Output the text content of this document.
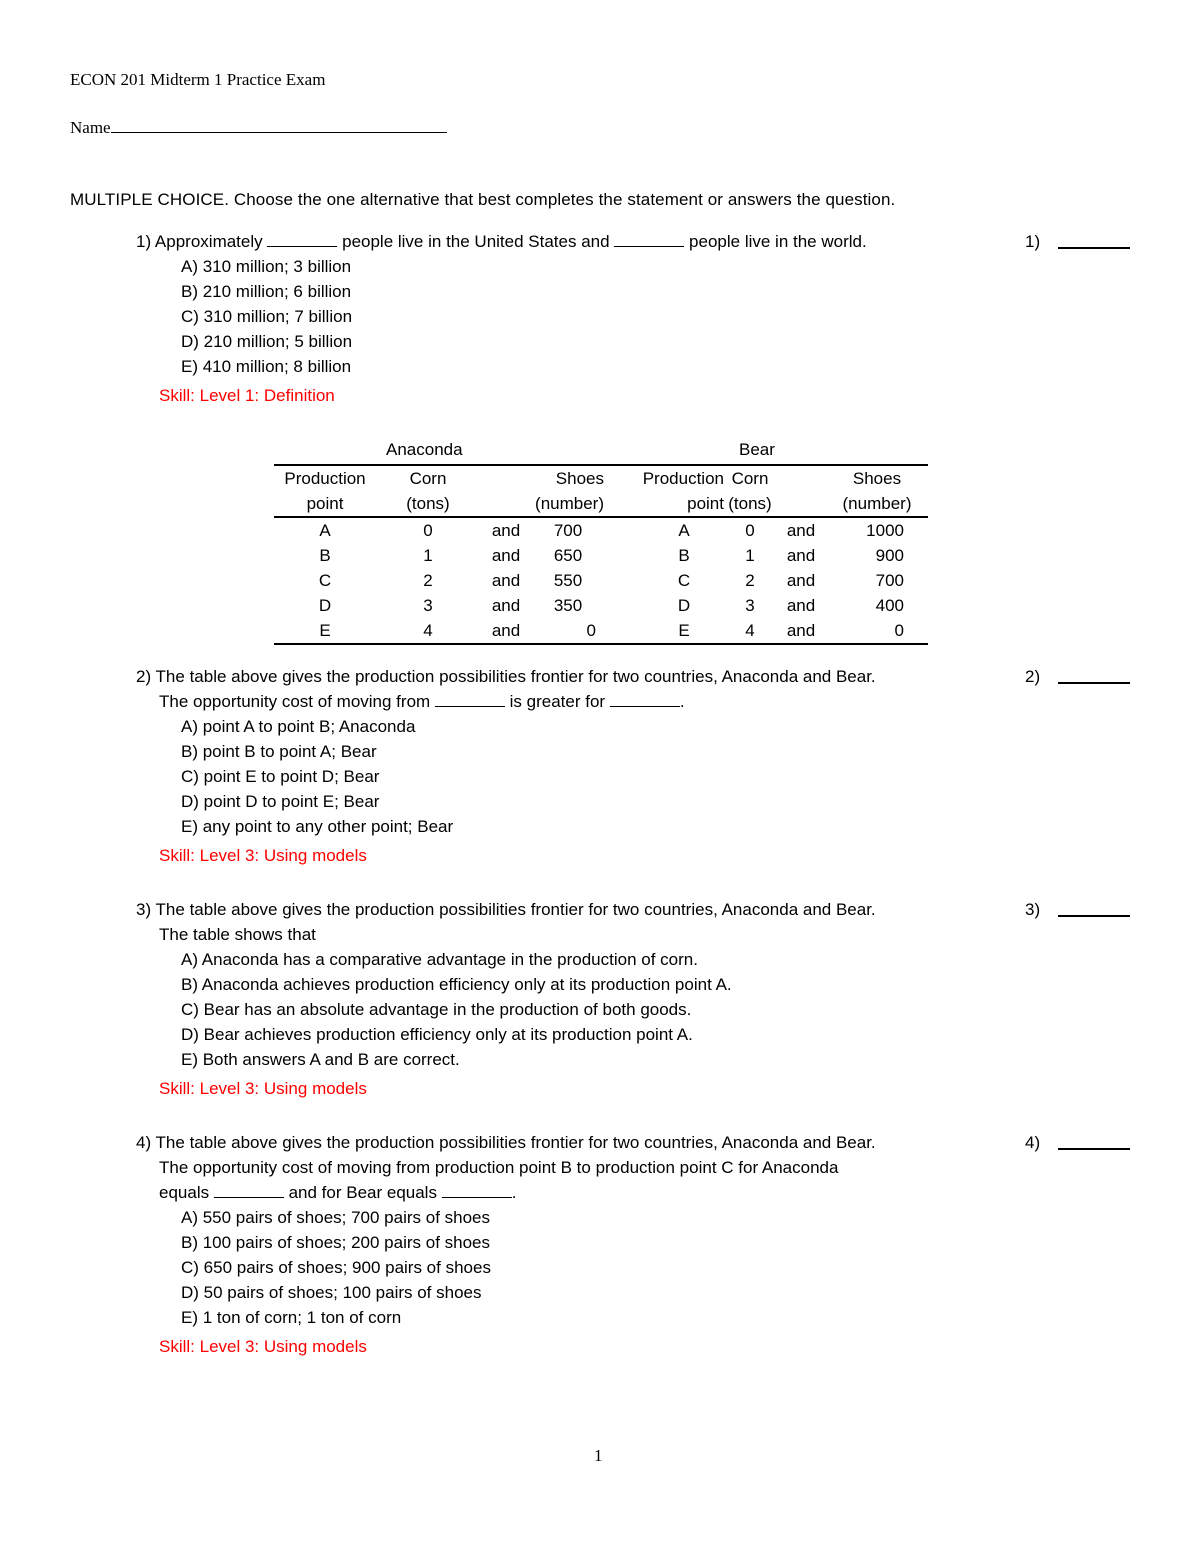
ECON 201 Midterm 1 Practice Exam
Name
MULTIPLE CHOICE. Choose the one alternative that best completes the statement or answers the question.
1) Approximately	people live in the United States and	people live in the world.	1)
A) 310 million; 3 billion
B) 210 million; 6 billion
C) 310 million; 7 billion
D) 210 million; 5 billion
E) 410 million; 8 billion
Skill: Level 1: Definition
Anaconda	Bear
Production	Corn		Shoes	Production	Corn		Shoes
point	(tons)		(number)	point	(tons)		(number)
A	0	and	700	A	0	and	1000
B	1	and	650	B	1	and	900
C	2	and	550	C	2	and	700
D	3	and	350	D	3	and	400
E	4	and	0	E	4	and	0
2) The table above gives the production possibilities frontier for two countries, Anaconda and Bear.	2)
The opportunity cost of moving from	is greater for	.
A) point A to point B; Anaconda
B) point B to point A; Bear
C) point E to point D; Bear
D) point D to point E; Bear
E) any point to any other point; Bear
Skill: Level 3: Using models
3) The table above gives the production possibilities frontier for two countries, Anaconda and Bear.	3)
The table shows that
A) Anaconda has a comparative advantage in the production of corn.
B) Anaconda achieves production efficiency only at its production point A.
C) Bear has an absolute advantage in the production of both goods.
D) Bear achieves production efficiency only at its production point A.
E) Both answers A and B are correct.
Skill: Level 3: Using models
4) The table above gives the production possibilities frontier for two countries, Anaconda and Bear.	4)
The opportunity cost of moving from production point B to production point C for Anaconda
equals	and for Bear equals	.
A) 550 pairs of shoes; 700 pairs of shoes
B) 100 pairs of shoes; 200 pairs of shoes
C) 650 pairs of shoes; 900 pairs of shoes
D) 50 pairs of shoes; 100 pairs of shoes
E) 1 ton of corn; 1 ton of corn
Skill: Level 3: Using models
1
